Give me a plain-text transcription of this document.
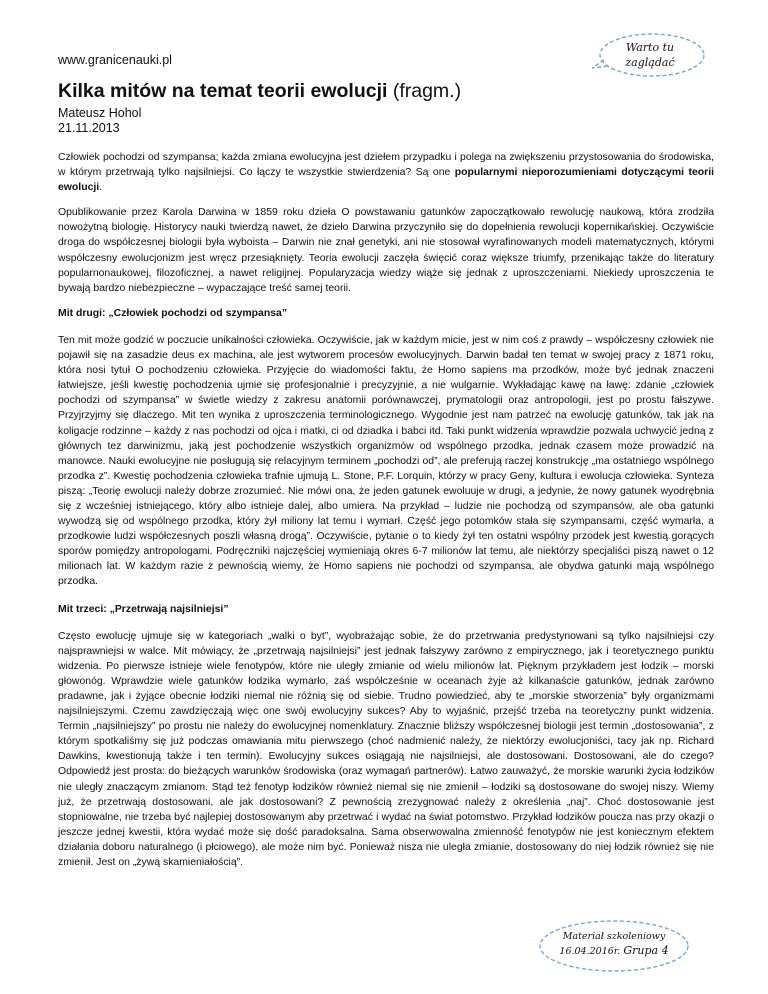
www.granicenauki.pl
Warto tu
zaglądać
Kilka mitów na temat teorii ewolucji (fragm.)
Mateusz Hohol
21.11.2013

Człowiek pochodzi od szympansa; każda zmiana ewolucyjna jest dziełem przypadku i polega na zwiększeniu przystosowania do środowiska, w którym przetrwają tylko najsilniejsi. Co łączy te wszystkie stwierdzenia? Są one popularnymi nieporozumieniami dotyczącymi teorii ewolucji.

Opublikowanie przez Karola Darwina w 1859 roku dzieła O powstawaniu gatunków zapoczątkowało rewolucję naukową, która zrodziła nowożytną biologię. Historycy nauki twierdzą nawet, że dzieło Darwina przyczyniło się do dopełnienia rewolucji kopernikańskiej. Oczywiście droga do współczesnej biologii była wyboista – Darwin nie znał genetyki, ani nie stosował wyrafinowanych modeli matematycznych, którymi współczesny ewolucjonizm jest wręcz przesiąknięty. Teoria ewolucji zaczęła święcić coraz większe triumfy, przenikając także do literatury popularnonaukowej, filozoficznej, a nawet religijnej. Popularyzacja wiedzy wiąże się jednak z uproszczeniami. Niekiedy uproszczenia te bywają bardzo niebezpieczne – wypaczające treść samej teorii.

Mit drugi: „Człowiek pochodzi od szympansa”

Ten mit może godzić w poczucie unikalności człowieka. Oczywiście, jak w każdym micie, jest w nim coś z prawdy – współczesny człowiek nie pojawił się na zasadzie deus ex machina, ale jest wytworem procesów ewolucyjnych. Darwin badał ten temat w swojej pracy z 1871 roku, która nosi tytuł O pochodzeniu człowieka. Przyjęcie do wiadomości faktu, że Homo sapiens ma przodków, może być jednak znaczeni łatwiejsze, jeśli kwestię pochodzenia ujmie się profesjonalnie i precyzyjnie, a nie wulgarnie. Wykładając kawę na ławę: zdanie „człowiek pochodzi od szympansa” w świetle wiedzy z zakresu anatomii porównawczej, prymatologii oraz antropologii, jest po prostu fałszywe. Przyjrzyjmy się dlaczego. Mit ten wynika z uproszczenia terminologicznego. Wygodnie jest nam patrzeć na ewolucję gatunków, tak jak na koligacje rodzinne – każdy z nas pochodzi od ojca i matki, ci od dziadka i babci itd. Taki punkt widzenia wprawdzie pozwala uchwycić jedną z głównych tez darwinizmu, jaką jest pochodzenie wszystkich organizmów od wspólnego przodka, jednak czasem może prowadzić na manowce. Nauki ewolucyjne nie posługują się relacyjnym terminem „pochodzi od”, ale preferują raczej konstrukcję „ma ostatniego wspólnego przodka z”. Kwestię pochodzenia człowieka trafnie ujmują L. Stone, P.F. Lorquin, którzy w pracy Geny, kultura i ewolucja człowieka. Synteza piszą: „Teorię ewolucji należy dobrze zrozumieć. Nie mówi ona, że jeden gatunek ewoluuje w drugi, a jedynie, że nowy gatunek wyodrębnia się z wcześniej istniejącego, który albo istnieje dalej, albo umiera. Na przykład – ludzie nie pochodzą od szympansów, ale oba gatunki wywodzą się od wspólnego przodka, który żył miliony lat temu i wymarł. Część jego potomków stała się szympansami, część wymarła, a przodkowie ludzi współczesnych poszli własną drogą”. Oczywiście, pytanie o to kiedy żył ten ostatni wspólny przodek jest kwestią gorących sporów pomiędzy antropologami. Podręczniki najczęściej wymieniają okres 6-7 milionów lat temu, ale niektórzy specjaliści piszą nawet o 12 milionach lat. W każdym razie z pewnością wiemy, że Homo sapiens nie pochodzi od szympansa, ale obydwa gatunki mają wspólnego przodka.

Mit trzeci: „Przetrwają najsilniejsi”

Często ewolucję ujmuje się w kategoriach „walki o byt”, wyobrażając sobie, że do przetrwania predystynowani są tylko najsilniejsi czy najsprawniejsi w walce. Mit mówiący, że „przetrwają najsilniejsi” jest jednak fałszywy zarówno z empirycznego, jak i teoretycznego punktu widzenia. Po pierwsze istnieje wiele fenotypów, które nie uległy zmianie od wielu milionów lat. Pięknym przykładem jest łodzik – morski głowonóg. Wprawdzie wiele gatunków łodzika wymarło, zaś współcześnie w oceanach żyje aż kilkanaście gatunków, jednak zarówno pradawne, jak i żyjące obecnie łodziki niemal nie różnią się od siebie. Trudno powiedzieć, aby te „morskie stworzenia” były organizmami najsilniejszymi. Czemu zawdzięczają więc one swój ewolucyjny sukces? Aby to wyjaśnić, przejść trzeba na teoretyczny punkt widzenia. Termin „najsilniejszy” po prostu nie należy do ewolucyjnej nomenklatury. Znacznie bliższy współczesnej biologii jest termin „dostosowania”, z którym spotkaliśmy się już podczas omawiania mitu pierwszego (choć nadmienić należy, że niektórzy ewolucjoniści, tacy jak np. Richard Dawkins, kwestionują także i ten termin). Ewolucyjny sukces osiągają nie najsilniejsi, ale dostosowani. Dostosowani, ale do czego? Odpowiedź jest prosta: do bieżących warunków środowiska (oraz wymagań partnerów). Łatwo zauważyć, że morskie warunki życia łodzików nie uległy znaczącym zmianom. Stąd też fenotyp łodzików również niemal się nie zmienił – łodziki są dostosowane do swojej niszy. Wiemy już, że przetrwają dostosowani, ale jak dostosowani? Z pewnością zrezygnować należy z określenia „naj”. Choć dostosowanie jest stopniowalne, nie trzeba być najlepiej dostosowanym aby przetrwać i wydać na świat potomstwo. Przykład łodzików poucza nas przy okazji o jeszcze jednej kwestii, która wydać może się dość paradoksalna. Sama obserwowalna zmienność fenotypów nie jest koniecznym efektem działania doboru naturalnego (i płciowego), ale może nim być. Ponieważ nisza nie uległa zmianie, dostosowany do niej łodzik również się nie zmienił. Jest on „żywą skamieniałością”.

Materiał szkoleniowy
16.04.2016r. Grupa 4
